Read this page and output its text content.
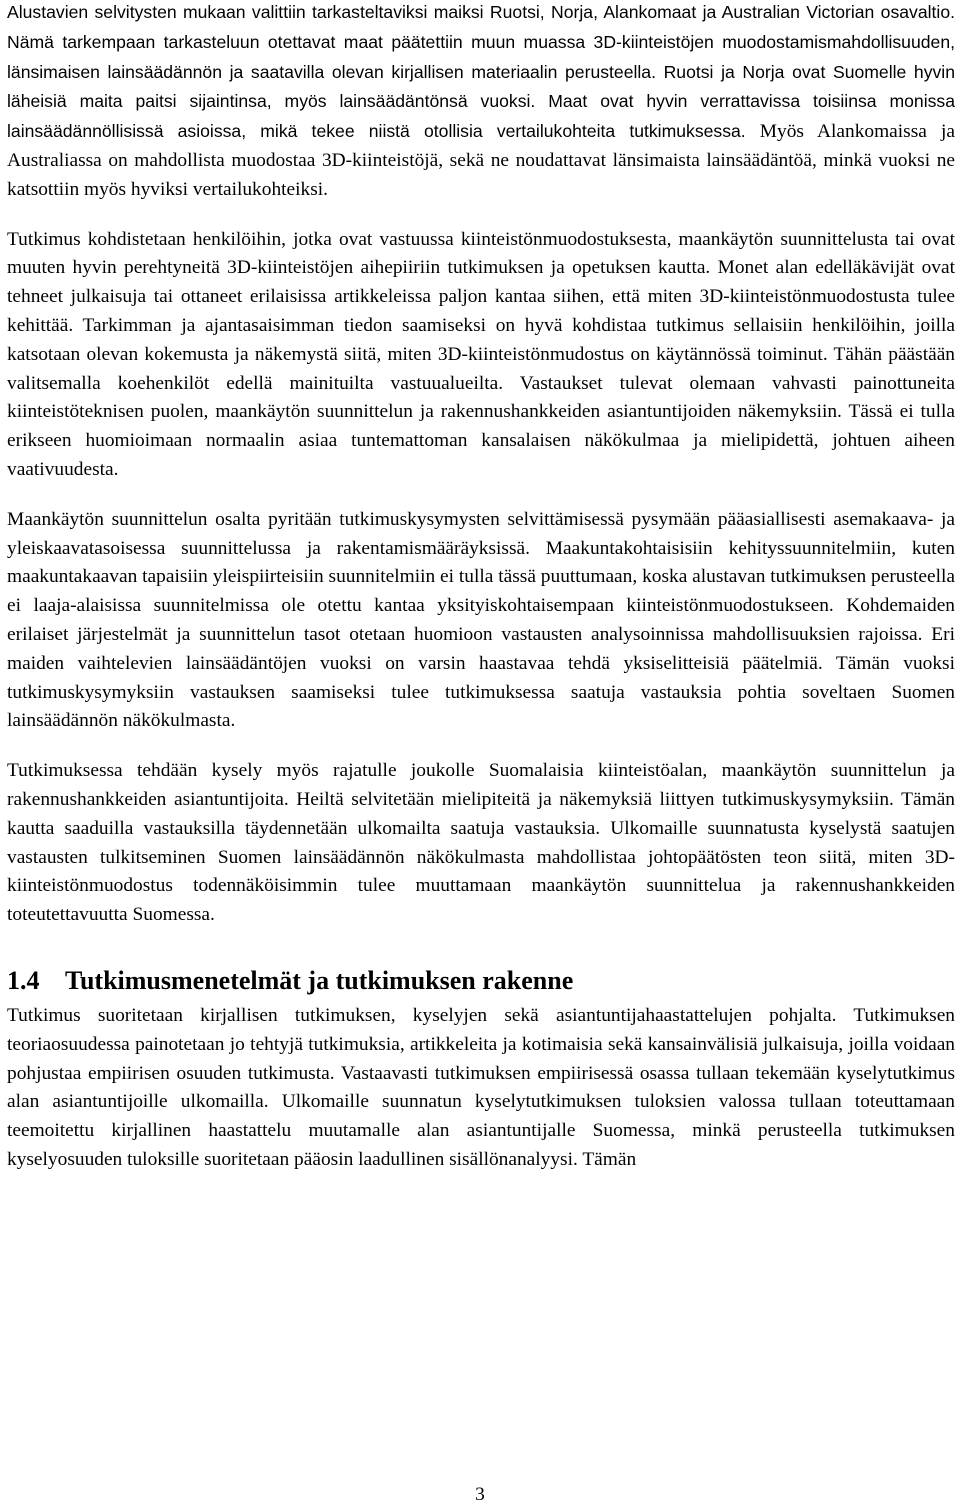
Alustavien selvitysten mukaan valittiin tarkasteltaviksi maiksi Ruotsi, Norja, Alankomaat ja Australian Victorian osavaltio. Nämä tarkempaan tarkasteluun otettavat maat päätettiin muun muassa 3D-kiinteistöjen muodostamismahdollisuuden, länsimaisen lainsäädännön ja saatavilla olevan kirjallisen materiaalin perusteella. Ruotsi ja Norja ovat Suomelle hyvin läheisiä maita paitsi sijaintinsa, myös lainsäädäntönsä vuoksi. Maat ovat hyvin verrattavissa toisiinsa monissa lainsäädännöllisissä asioissa, mikä tekee niistä otollisia vertailukohteita tutkimuksessa. Myös Alankomaissa ja Australiassa on mahdollista muodostaa 3D-kiinteistöjä, sekä ne noudattavat länsimaista lainsäädäntöä, minkä vuoksi ne katsottiin myös hyviksi vertailukohteiksi.

Tutkimus kohdistetaan henkilöihin, jotka ovat vastuussa kiinteistönmuodostuksesta, maankäytön suunnittelusta tai ovat muuten hyvin perehtyneitä 3D-kiinteistöjen aihepiiriin tutkimuksen ja opetuksen kautta. Monet alan edelläkävijät ovat tehneet julkaisuja tai ottaneet erilaisissa artikkeleissa paljon kantaa siihen, että miten 3D-kiinteistönmuodostusta tulee kehittää. Tarkimman ja ajantasaisimman tiedon saamiseksi on hyvä kohdistaa tutkimus sellaisiin henkilöihin, joilla katsotaan olevan kokemusta ja näkemystä siitä, miten 3D-kiinteistönmudostus on käytännössä toiminut. Tähän päästään valitsemalla koehenkilöt edellä mainituilta vastuualueilta. Vastaukset tulevat olemaan vahvasti painottuneita kiinteistöteknisen puolen, maankäytön suunnittelun ja rakennushankkeiden asiantuntijoiden näkemyksiin. Tässä ei tulla erikseen huomioimaan normaalin asiaa tuntemattoman kansalaisen näkökulmaa ja mielipidettä, johtuen aiheen vaativuudesta.

Maankäytön suunnittelun osalta pyritään tutkimuskysymysten selvittämisessä pysymään pääasiallisesti asemakaava- ja yleiskaavatasoisessa suunnittelussa ja rakentamismääräyksissä. Maakuntakohtaisisiin kehityssuunnitelmiin, kuten maakuntakaavan tapaisiin yleispiirteisiin suunnitelmiin ei tulla tässä puuttumaan, koska alustavan tutkimuksen perusteella ei laaja-alaisissa suunnitelmissa ole otettu kantaa yksityiskohtaisempaan kiinteistönmuodostukseen. Kohdemaiden erilaiset järjestelmät ja suunnittelun tasot otetaan huomioon vastausten analysoinnissa mahdollisuuksien rajoissa. Eri maiden vaihtelevien lainsäädäntöjen vuoksi on varsin haastavaa tehdä yksiselitteisiä päätelmiä. Tämän vuoksi tutkimuskysymyksiin vastauksen saamiseksi tulee tutkimuksessa saatuja vastauksia pohtia soveltaen Suomen lainsäädännön näkökulmasta.

Tutkimuksessa tehdään kysely myös rajatulle joukolle Suomalaisia kiinteistöalan, maankäytön suunnittelun ja rakennushankkeiden asiantuntijoita. Heiltä selvitetään mielipiteitä ja näkemyksiä liittyen tutkimuskysymyksiin. Tämän kautta saaduilla vastauksilla täydennetään ulkomailta saatuja vastauksia. Ulkomaille suunnatusta kyselystä saatujen vastausten tulkitseminen Suomen lainsäädännön näkökulmasta mahdollistaa johtopäätösten teon siitä, miten 3D-kiinteistönmuodostus todennäköisimmin tulee muuttamaan maankäytön suunnittelua ja rakennushankkeiden toteutettavuutta Suomessa.

1.4 Tutkimusmenetelmät ja tutkimuksen rakenne

Tutkimus suoritetaan kirjallisen tutkimuksen, kyselyjen sekä asiantuntijahaastattelujen pohjalta. Tutkimuksen teoriaosuudessa painotetaan jo tehtyjä tutkimuksia, artikkeleita ja kotimaisia sekä kansainvälisiä julkaisuja, joilla voidaan pohjustaa empiirisen osuuden tutkimusta. Vastaavasti tutkimuksen empiirisessä osassa tullaan tekemään kyselytutkimus alan asiantuntijoille ulkomailla. Ulkomaille suunnatun kyselytutkimuksen tuloksien valossa tullaan toteuttamaan teemoitettu kirjallinen haastattelu muutamalle alan asiantuntijalle Suomessa, minkä perusteella tutkimuksen kyselyosuuden tuloksille suoritetaan pääosin laadullinen sisällönanalyysi. Tämän

3
